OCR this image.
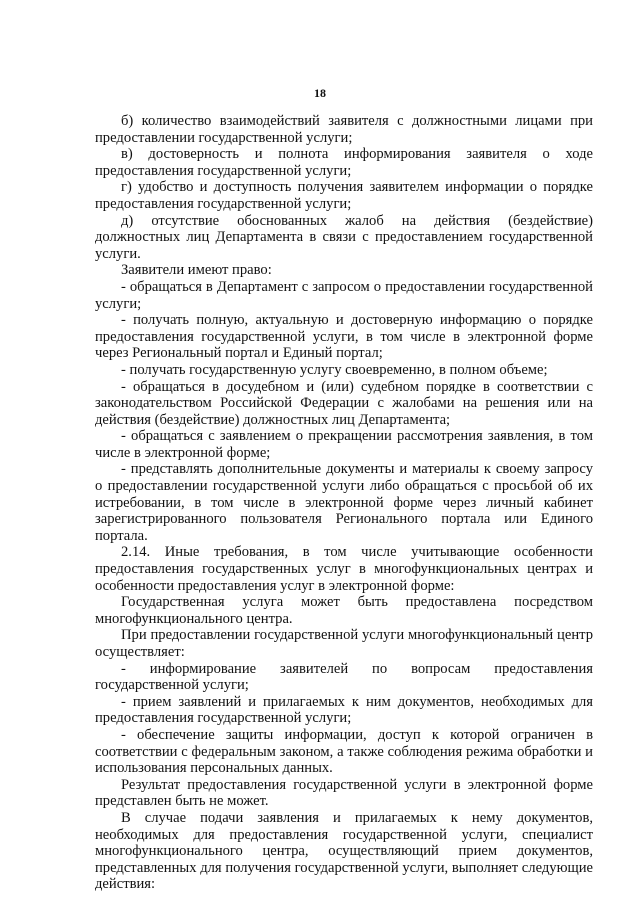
18

б) количество взаимодействий заявителя с должностными лицами при предоставлении государственной услуги;

в) достоверность и полнота информирования заявителя о ходе предоставления государственной услуги;

г) удобство и доступность получения заявителем информации о порядке предоставления государственной услуги;

д) отсутствие обоснованных жалоб на действия (бездействие) должностных лиц Департамента в связи с предоставлением государственной услуги.

Заявители имеют право:

- обращаться в Департамент с запросом о предоставлении государственной услуги;

- получать полную, актуальную и достоверную информацию о порядке предоставления государственной услуги, в том числе в электронной форме через Региональный портал и Единый портал;

- получать государственную услугу своевременно, в полном объеме;

- обращаться в досудебном и (или) судебном порядке в соответствии с законодательством Российской Федерации с жалобами на решения или на действия (бездействие) должностных лиц Департамента;

- обращаться с заявлением о прекращении рассмотрения заявления, в том числе в электронной форме;

- представлять дополнительные документы и материалы к своему запросу о предоставлении государственной услуги либо обращаться с просьбой об их истребовании, в том числе в электронной форме через личный кабинет зарегистрированного пользователя Регионального портала или Единого портала.

2.14. Иные требования, в том числе учитывающие особенности предоставления государственных услуг в многофункциональных центрах и особенности предоставления услуг в электронной форме:

Государственная услуга может быть предоставлена посредством многофункционального центра.

При предоставлении государственной услуги многофункциональный центр осуществляет:

- информирование заявителей по вопросам предоставления государственной услуги;

- прием заявлений и прилагаемых к ним документов, необходимых для предоставления государственной услуги;

- обеспечение защиты информации, доступ к которой ограничен в соответствии с федеральным законом, а также соблюдения режима обработки и использования персональных данных.

Результат предоставления государственной услуги в электронной форме представлен быть не может.

В случае подачи заявления и прилагаемых к нему документов, необходимых для предоставления государственной услуги, специалист многофункционального центра, осуществляющий прием документов, представленных для получения государственной услуги, выполняет следующие действия:
